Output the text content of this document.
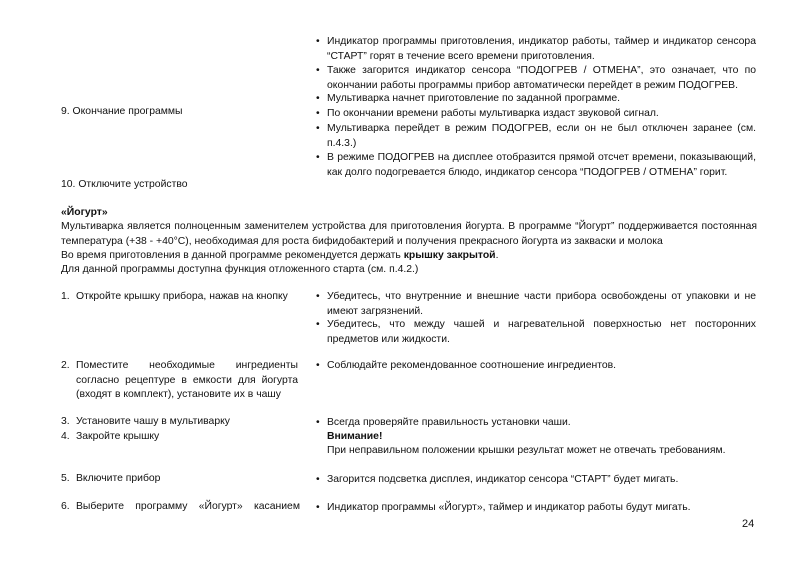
• Индикатор программы приготовления, индикатор работы, таймер и индикатор сенсора “СТАРТ” горят в течение всего времени приготовления.
• Также загорится индикатор сенсора “ПОДОГРЕВ / ОТМЕНА”, это означает, что по окончании работы программы прибор автоматически перейдет в режим ПОДОГРЕВ.
• Мультиварка начнет приготовление по заданной программе.
• По окончании времени работы мультиварка издаст звуковой сигнал.
• Мультиварка перейдет в режим ПОДОГРЕВ, если он не был отключен заранее (см. п.4.3.)
• В режиме ПОДОГРЕВ на дисплее отобразится прямой отсчет времени, показывающий, как долго подогревается блюдо, индикатор сенсора “ПОДОГРЕВ / ОТМЕНА” горит.
9. Окончание программы
10. Отключите устройство
«Йогурт»
Мультиварка является полноценным заменителем устройства для приготовления йогурта. В программе “Йогурт” поддерживается постоянная температура (+38 - +40°С), необходимая для роста бифидобактерий и получения прекрасного йогурта из закваски и молока
Во время приготовления в данной программе рекомендуется держать крышку закрытой.
Для данной программы доступна функция отложенного старта (см. п.4.2.)
1. Откройте крышку прибора, нажав на кнопку	• Убедитесь, что внутренние и внешние части прибора освобождены от упаковки и не имеют загрязнений.
• Убедитесь, что между чашей и нагревательной поверхностью нет посторонних предметов или жидкости.
2. Поместите необходимые ингредиенты согласно рецептуре в емкости для йогурта (входят в комплект), установите их в чашу
• Соблюдайте рекомендованное соотношение ингредиентов.
3. Установите чашу в мультиварку
4. Закройте крышку
• Всегда проверяйте правильность установки чаши.
Внимание!
При неправильном положении крышки результат может не отвечать требованиям.
5. Включите прибор	• Загорится подсветка дисплея, индикатор сенсора “СТАРТ” будет мигать.
6. Выберите программу «Йогурт» касанием • Индикатор программы «Йогурт», таймер и индикатор работы будут мигать.
24
